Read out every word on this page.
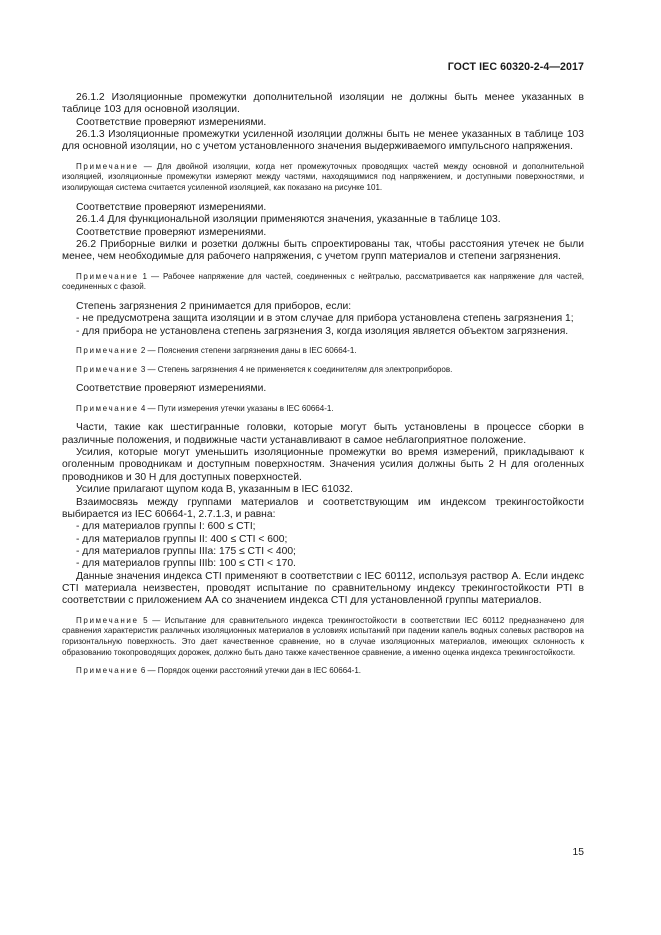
ГОСТ IEC 60320-2-4—2017

26.1.2 Изоляционные промежутки дополнительной изоляции не должны быть менее указанных в таблице 103 для основной изоляции.

Соответствие проверяют измерениями.

26.1.3 Изоляционные промежутки усиленной изоляции должны быть не менее указанных в таблице 103 для основной изоляции, но с учетом установленного значения выдерживаемого импульсного напряжения.

Примечание — Для двойной изоляции, когда нет промежуточных проводящих частей между основной и дополнительной изоляцией, изоляционные промежутки измеряют между частями, находящимися под напряжением, и доступными поверхностями, и изолирующая система считается усиленной изоляцией, как показано на рисунке 101.

Соответствие проверяют измерениями.

26.1.4 Для функциональной изоляции применяются значения, указанные в таблице 103.

Соответствие проверяют измерениями.

26.2 Приборные вилки и розетки должны быть спроектированы так, чтобы расстояния утечек не были менее, чем необходимые для рабочего напряжения, с учетом групп материалов и степени загрязнения.

Примечание 1 — Рабочее напряжение для частей, соединенных с нейтралью, рассматривается как напряжение для частей, соединенных с фазой.

Степень загрязнения 2 принимается для приборов, если:

- не предусмотрена защита изоляции и в этом случае для прибора установлена степень загрязнения 1;

- для прибора не установлена степень загрязнения 3, когда изоляция является объектом загрязнения.

Примечание 2 — Пояснения степени загрязнения даны в IEC 60664-1.

Примечание 3 — Степень загрязнения 4 не применяется к соединителям для электроприборов.

Соответствие проверяют измерениями.

Примечание 4 — Пути измерения утечки указаны в IEC 60664-1.

Части, такие как шестигранные головки, которые могут быть установлены в процессе сборки в различные положения, и подвижные части устанавливают в самое неблагоприятное положение.

Усилия, которые могут уменьшить изоляционные промежутки во время измерений, прикладывают к оголенным проводникам и доступным поверхностям. Значения усилия должны быть 2 Н для оголенных проводников и 30 Н для доступных поверхностей.

Усилие прилагают щупом кода В, указанным в IEC 61032.

Взаимосвязь между группами материалов и соответствующим им индексом трекингостойкости выбирается из IEC 60664-1, 2.7.1.3, и равна:

- для материалов группы I: 600 ≤ CTI;

- для материалов группы II: 400 ≤ CTI < 600;

- для материалов группы IIIa: 175 ≤ CTI < 400;

- для материалов группы IIIb: 100 ≤ CTI < 170.

Данные значения индекса CTI применяют в соответствии с IEC 60112, используя раствор А. Если индекс CTI материала неизвестен, проводят испытание по сравнительному индексу трекингостойкости PTI в соответствии с приложением АА со значением индекса CTI для установленной группы материалов.

Примечание 5 — Испытание для сравнительного индекса трекингостойкости в соответствии IEC 60112 предназначено для сравнения характеристик различных изоляционных материалов в условиях испытаний при падении капель водных солевых растворов на горизонтальную поверхность. Это дает качественное сравнение, но в случае изоляционных материалов, имеющих склонность к образованию токопроводящих дорожек, должно быть дано также качественное сравнение, а именно оценка индекса трекингостойкости.

Примечание 6 — Порядок оценки расстояний утечки дан в IEC 60664-1.

15
